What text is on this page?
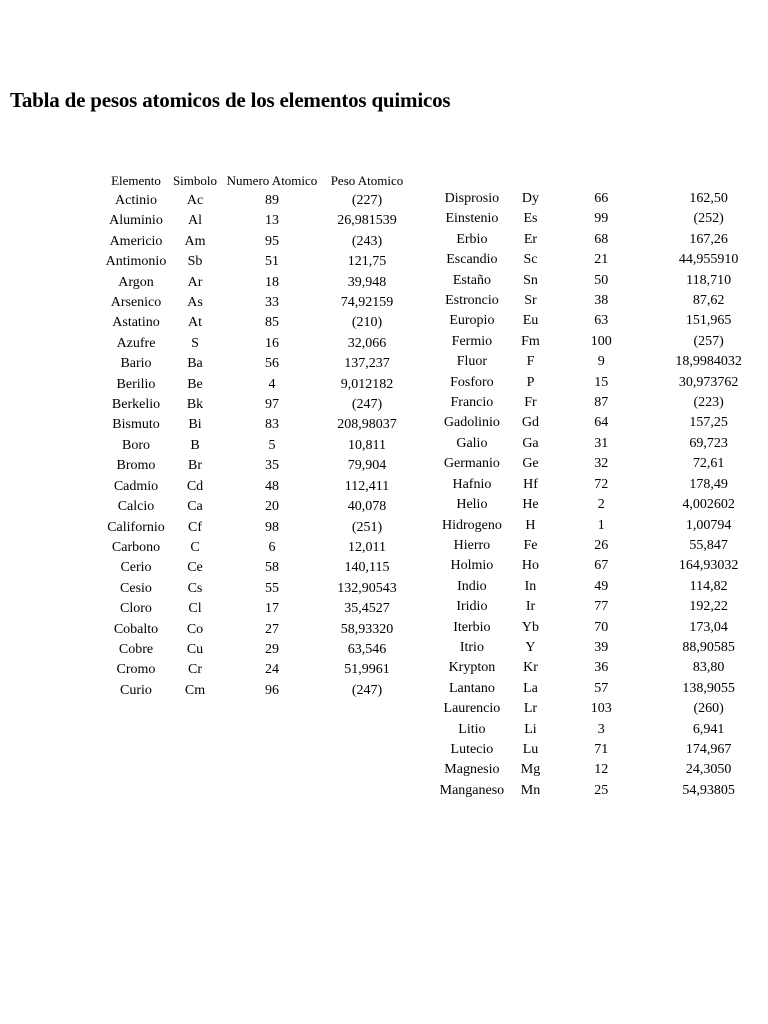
Tabla de pesos atomicos de los elementos quimicos
Elemento	Simbolo	Numero Atomico	Peso Atomico
Actinio	Ac	89	(227)
Aluminio	Al	13	26,981539
Americio	Am	95	(243)
Antimonio	Sb	51	121,75
Argon	Ar	18	39,948
Arsenico	As	33	74,92159
Astatino	At	85	(210)
Azufre	S	16	32,066
Bario	Ba	56	137,237
Berilio	Be	4	9,012182
Berkelio	Bk	97	(247)
Bismuto	Bi	83	208,98037
Boro	B	5	10,811
Bromo	Br	35	79,904
Cadmio	Cd	48	112,411
Calcio	Ca	20	40,078
Californio	Cf	98	(251)
Carbono	C	6	12,011
Cerio	Ce	58	140,115
Cesio	Cs	55	132,90543
Cloro	Cl	17	35,4527
Cobalto	Co	27	58,93320
Cobre	Cu	29	63,546
Cromo	Cr	24	51,9961
Curio	Cm	96	(247)
Disprosio	Dy	66	162,50
Einstenio	Es	99	(252)
Erbio	Er	68	167,26
Escandio	Sc	21	44,955910
Estaño	Sn	50	118,710
Estroncio	Sr	38	87,62
Europio	Eu	63	151,965
Fermio	Fm	100	(257)
Fluor	F	9	18,9984032
Fosforo	P	15	30,973762
Francio	Fr	87	(223)
Gadolinio	Gd	64	157,25
Galio	Ga	31	69,723
Germanio	Ge	32	72,61
Hafnio	Hf	72	178,49
Helio	He	2	4,002602
Hidrogeno	H	1	1,00794
Hierro	Fe	26	55,847
Holmio	Ho	67	164,93032
Indio	In	49	114,82
Iridio	Ir	77	192,22
Iterbio	Yb	70	173,04
Itrio	Y	39	88,90585
Krypton	Kr	36	83,80
Lantano	La	57	138,9055
Laurencio	Lr	103	(260)
Litio	Li	3	6,941
Lutecio	Lu	71	174,967
Magnesio	Mg	12	24,3050
Manganeso	Mn	25	54,93805
